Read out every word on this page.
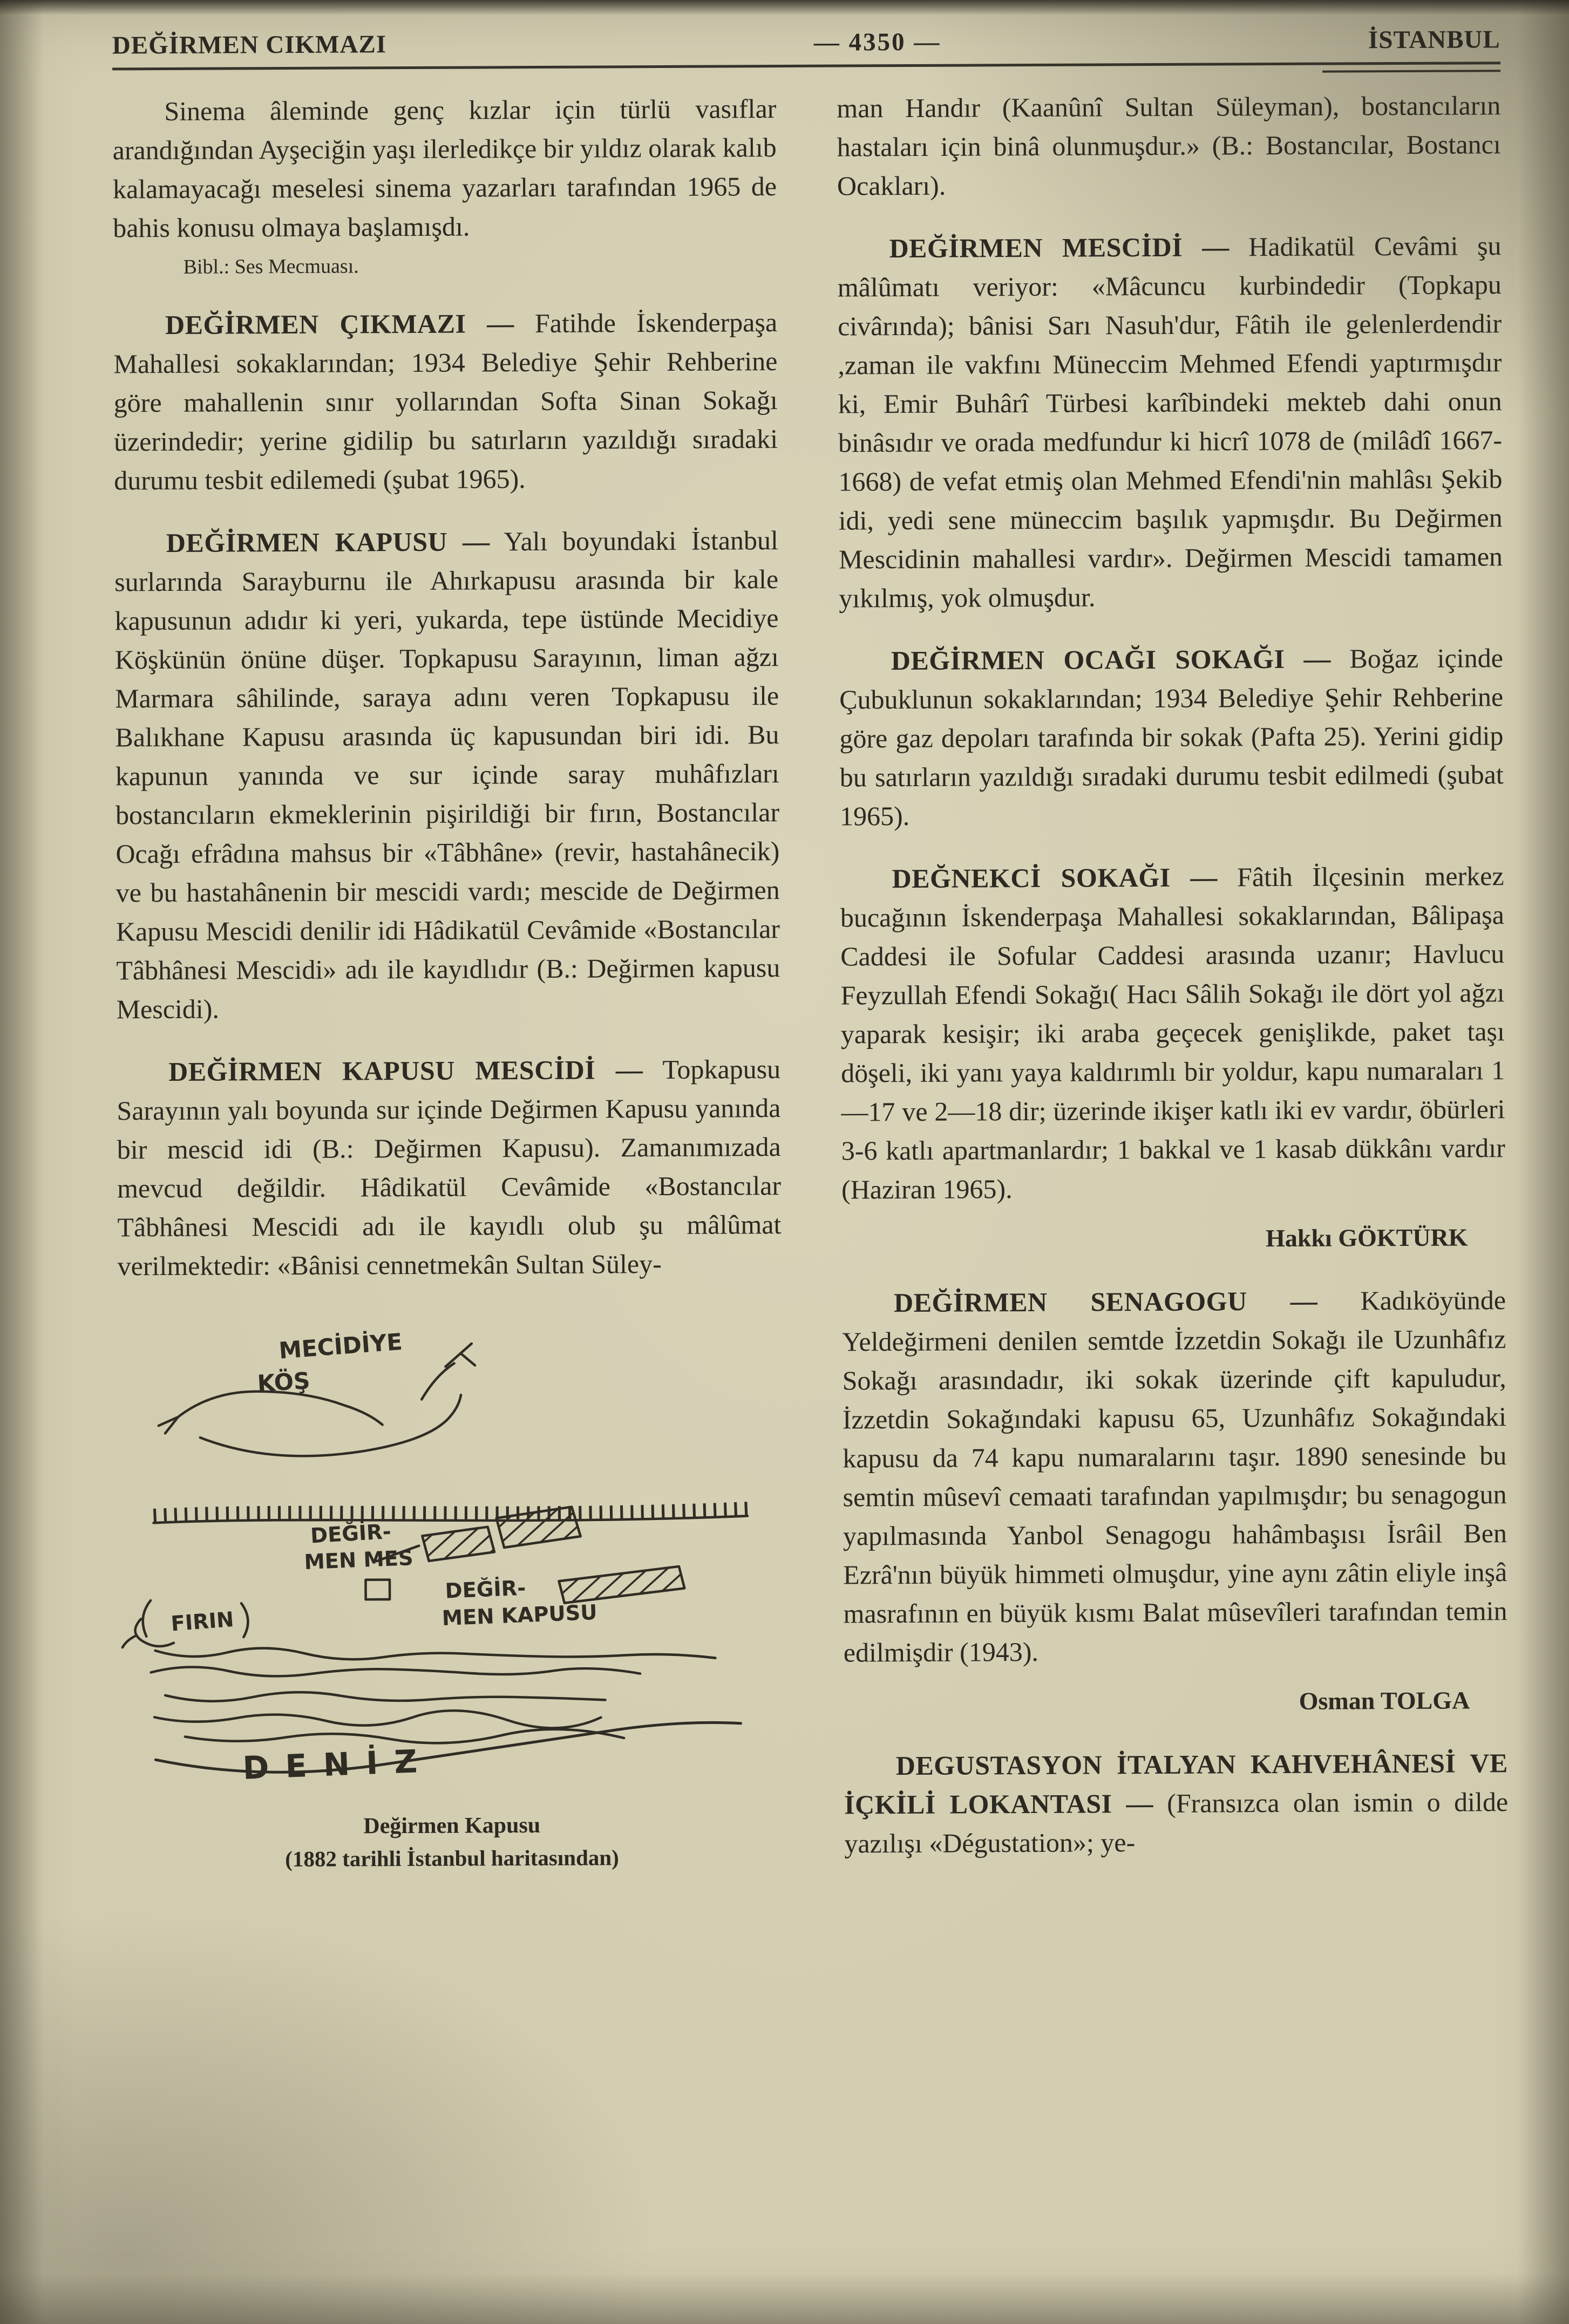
DEĞİRMEN CIKMAZI	— 4350 —	İSTANBUL

Sinema âleminde genç kızlar için türlü vasıflar arandığından Ayşeciğin yaşı ilerledikçe bir yıldız olarak kalıb kalamayacağı meselesi sinema yazarları tarafından 1965 de bahis konusu olmaya başlamışdı.

Bibl.: Ses Mecmuası.

DEĞİRMEN ÇIKMAZI — Fatihde İskenderpaşa Mahallesi sokaklarından; 1934 Belediye Şehir Rehberine göre mahallenin sınır yollarından Softa Sinan Sokağı üzerindedir; yerine gidilip bu satırların yazıldığı sıradaki durumu tesbit edilemedi (şubat 1965).

DEĞİRMEN KAPUSU — Yalı boyundaki İstanbul surlarında Sarayburnu ile Ahırkapusu arasında bir kale kapusunun adıdır ki yeri, yukarda, tepe üstünde Mecidiye Köşkünün önüne düşer. Topkapusu Sarayının, liman ağzı Marmara sâhilinde, saraya adını veren Topkapusu ile Balıkhane Kapusu arasında üç kapusundan biri idi. Bu kapunun yanında ve sur içinde saray muhâfızları bostancıların ekmeklerinin pişirildiği bir fırın, Bostancılar Ocağı efrâdına mahsus bir «Tâbhâne» (revir, hastahânecik) ve bu hastahânenin bir mescidi vardı; mescide de Değirmen Kapusu Mescidi denilir idi Hâdikatül Cevâmide «Bostancılar Tâbhânesi Mescidi» adı ile kayıdlıdır (B.: Değirmen kapusu Mescidi).

DEĞİRMEN KAPUSU MESCİDİ — Topkapusu Sarayının yalı boyunda sur içinde Değirmen Kapusu yanında bir mescid idi (B.: Değirmen Kapusu). Zamanımızada mevcud değildir. Hâdikatül Cevâmide «Bostancılar Tâbhânesi Mescidi adı ile kayıdlı olub şu mâlûmat verilmektedir: «Bânisi cennetmekân Sultan Süley-

MECİDİYE
KÖŞ
DEĞİR-
MEN MES
FIRIN
DEĞİR-
MEN KAPUSU
DENİZ

Değirmen Kapusu
(1882 tarihli İstanbul haritasından)

man Handır (Kaanûnî Sultan Süleyman), bostancıların hastaları için binâ olunmuşdur.» (B.: Bostancılar, Bostancı Ocakları).

DEĞİRMEN MESCİDİ — Hadikatül Cevâmi şu mâlûmatı veriyor: «Mâcuncu kurbindedir (Topkapu civârında); bânisi Sarı Nasuh'dur, Fâtih ile gelenlerdendir ,zaman ile vakfını Müneccim Mehmed Efendi yaptırmışdır ki, Emir Buhârî Türbesi karîbindeki mekteb dahi onun binâsıdır ve orada medfundur ki hicrî 1078 de (milâdî 1667-1668) de vefat etmiş olan Mehmed Efendi'nin mahlâsı Şekib idi, yedi sene müneccim başılık yapmışdır. Bu Değirmen Mescidinin mahallesi vardır». Değirmen Mescidi tamamen yıkılmış, yok olmuşdur.

DEĞİRMEN OCAĞI SOKAĞI — Boğaz içinde Çubuklunun sokaklarından; 1934 Belediye Şehir Rehberine göre gaz depoları tarafında bir sokak (Pafta 25). Yerini gidip bu satırların yazıldığı sıradaki durumu tesbit edilmedi (şubat 1965).

DEĞNEKCİ SOKAĞI — Fâtih İlçesinin merkez bucağının İskenderpaşa Mahallesi sokaklarından, Bâlipaşa Caddesi ile Sofular Caddesi arasında uzanır; Havlucu Feyzullah Efendi Sokağı( Hacı Sâlih Sokağı ile dört yol ağzı yaparak kesişir; iki araba geçecek genişlikde, paket taşı döşeli, iki yanı yaya kaldırımlı bir yoldur, kapu numaraları 1—17 ve 2—18 dir; üzerinde ikişer katlı iki ev vardır, öbürleri 3-6 katlı apartmanlardır; 1 bakkal ve 1 kasab dükkânı vardır (Haziran 1965).

Hakkı GÖKTÜRK

DEĞİRMEN SENAGOGU — Kadıköyünde Yeldeğirmeni denilen semtde İzzetdin Sokağı ile Uzunhâfız Sokağı arasındadır, iki sokak üzerinde çift kapuludur, İzzetdin Sokağındaki kapusu 65, Uzunhâfız Sokağındaki kapusu da 74 kapu numaralarını taşır. 1890 senesinde bu semtin mûsevî cemaati tarafından yapılmışdır; bu senagogun yapılmasında Yanbol Senagogu hahâmbaşısı İsrâil Ben Ezrâ'nın büyük himmeti olmuşdur, yine aynı zâtin eliyle inşâ masrafının en büyük kısmı Balat mûsevîleri tarafından temin edilmişdir (1943).

Osman TOLGA

DEGUSTASYON İTALYAN KAHVEHÂNESİ VE İÇKİLİ LOKANTASI — (Fransızca olan ismin o dilde yazılışı «Dégustation»; ye-
